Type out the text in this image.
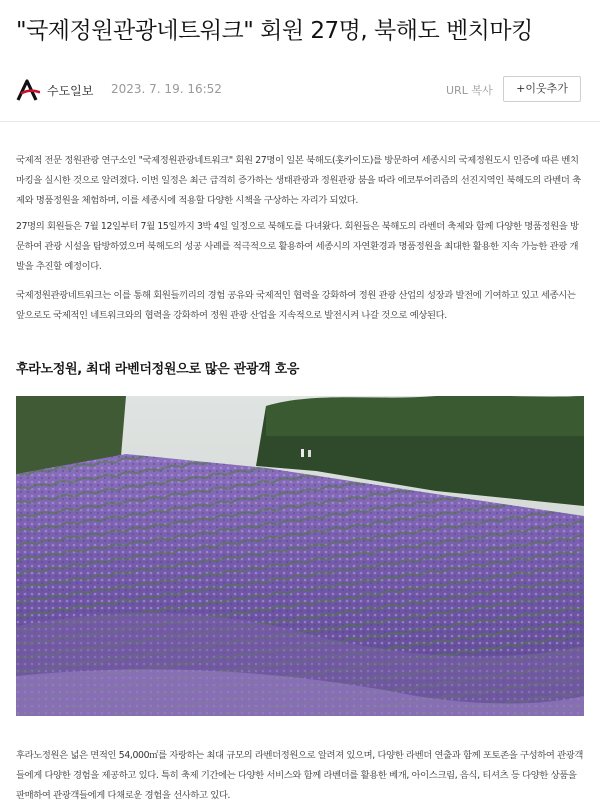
"국제정원관광네트워크" 회원 27명, 북해도 벤치마킹
수도일보 2023. 7. 19. 16:52	URL 복사	+이웃추가

국제적 전문 정원관광 연구소인 "국제정원관광네트워크" 회원 27명이 일본 북해도(홋카이도)를 방문하여 세종시의 국제정원도시 인증에 따른 벤치마킹을 실시한 것으로 알려졌다. 이번 일정은 최근 급격히 증가하는 생태관광과 정원관광 붐을 따라 에코투어리즘의 선진지역인 북해도의 라벤더 축제와 명품정원을 체험하며, 이를 세종시에 적용할 다양한 시책을 구상하는 자리가 되었다.

27명의 회원들은 7월 12일부터 7월 15일까지 3박 4일 일정으로 북해도를 다녀왔다. 회원들은 북해도의 라벤더 축제와 함께 다양한 명품정원을 방문하여 관광 시설을 탐방하였으며 북해도의 성공 사례를 적극적으로 활용하여 세종시의 자연환경과 명품정원을 최대한 활용한 지속 가능한 관광 개발을 추진할 예정이다.

국제정원관광네트워크는 이를 통해 회원들끼리의 경험 공유와 국제적인 협력을 강화하여 정원 관광 산업의 성장과 발전에 기여하고 있고 세종시는 앞으로도 국제적인 네트워크와의 협력을 강화하여 정원 관광 산업을 지속적으로 발전시켜 나갈 것으로 예상된다.

후라노정원, 최대 라벤더정원으로 많은 관광객 호응

후라노정원은 넓은 면적인 54,000㎡를 자랑하는 최대 규모의 라벤더정원으로 알려져 있으며, 다양한 라벤더 연출과 함께 포토존을 구성하여 관광객들에게 다양한 경험을 제공하고 있다. 특히 축제 기간에는 다양한 서비스와 함께 라벤더를 활용한 베개, 아이스크림, 음식, 티셔츠 등 다양한 상품을 판매하여 관광객들에게 다채로운 경험을 선사하고 있다.
